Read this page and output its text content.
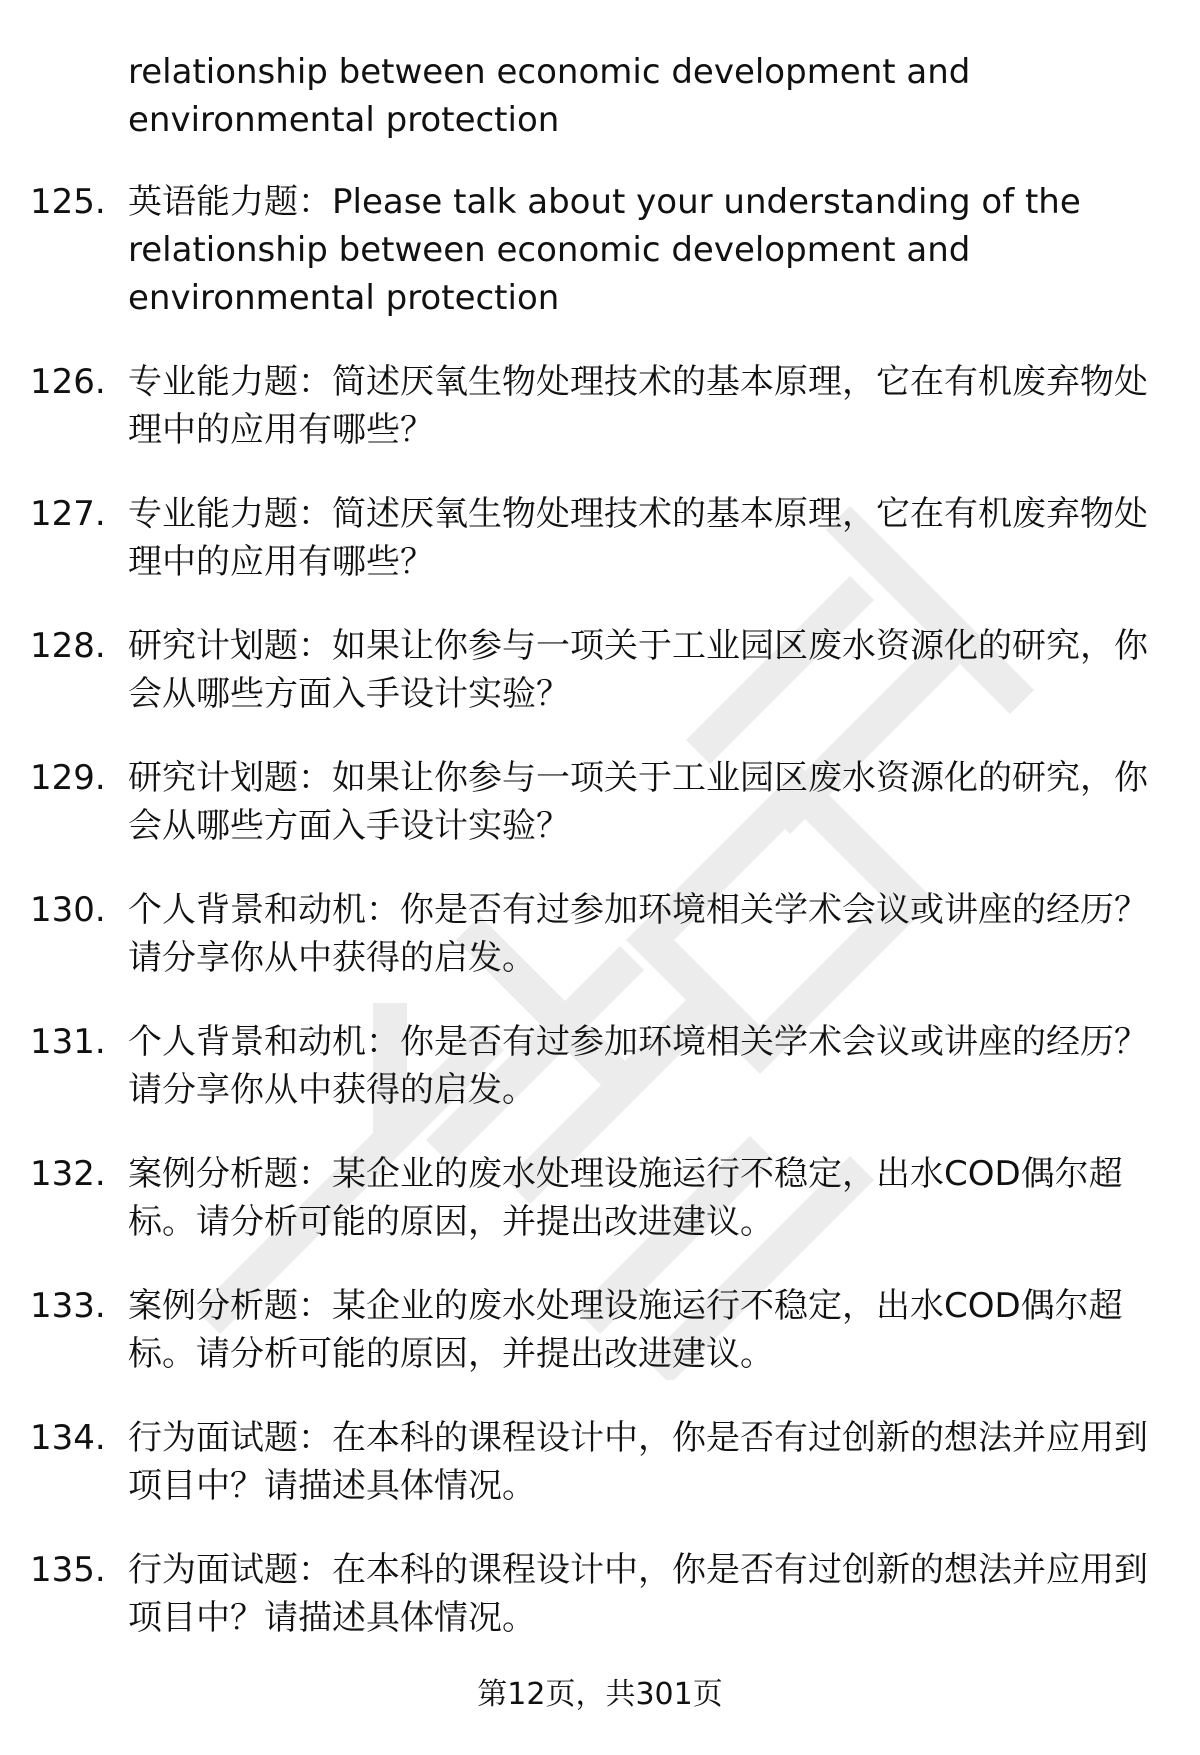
relationship between economic development and environmental protection
125. 英语能力题：Please talk about your understanding of the relationship between economic development and environmental protection
126. 专业能力题：简述厌氧生物处理技术的基本原理，它在有机废弃物处理中的应用有哪些？
127. 专业能力题：简述厌氧生物处理技术的基本原理，它在有机废弃物处理中的应用有哪些？
128. 研究计划题：如果让你参与一项关于工业园区废水资源化的研究，你会从哪些方面入手设计实验？
129. 研究计划题：如果让你参与一项关于工业园区废水资源化的研究，你会从哪些方面入手设计实验？
130. 个人背景和动机：你是否有过参加环境相关学术会议或讲座的经历？请分享你从中获得的启发。
131. 个人背景和动机：你是否有过参加环境相关学术会议或讲座的经历？请分享你从中获得的启发。
132. 案例分析题：某企业的废水处理设施运行不稳定，出水COD偶尔超标。请分析可能的原因，并提出改进建议。
133. 案例分析题：某企业的废水处理设施运行不稳定，出水COD偶尔超标。请分析可能的原因，并提出改进建议。
134. 行为面试题：在本科的课程设计中，你是否有过创新的想法并应用到项目中？请描述具体情况。
135. 行为面试题：在本科的课程设计中，你是否有过创新的想法并应用到项目中？请描述具体情况。
第12页，共301页
